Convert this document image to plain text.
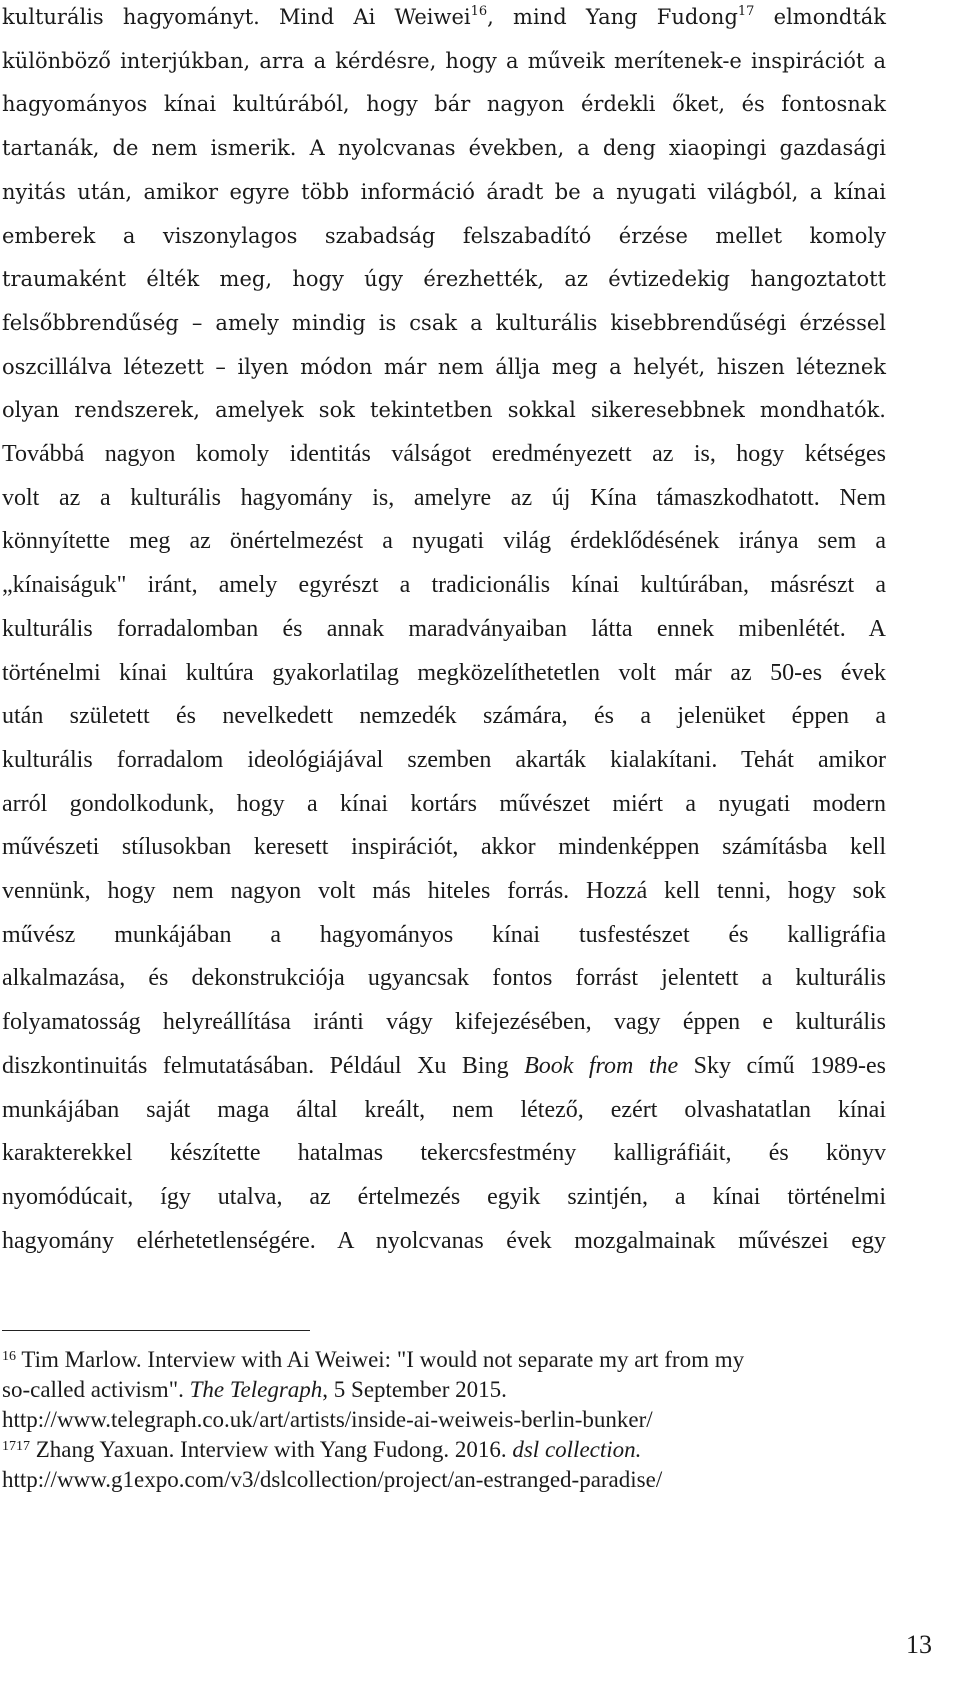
kulturális hagyományt. Mind Ai Weiwei$^{16}$, mind Yang Fudong$^{17}$ elmondták
különböző interjúkban, arra a kérdésre, hogy a műveik merítenek-e inspirációt a
hagyományos kínai kultúrából, hogy bár nagyon érdekli őket, és fontosnak
tartanák, de nem ismerik. A nyolcvanas években, a deng xiaopingi gazdasági
nyitás után, amikor egyre több információ áradt be a nyugati világból, a kínai
emberek a viszonylagos szabadság felszabadító érzése mellet komoly
traumaként élték meg, hogy úgy érezhették, az évtizedekig hangoztatott
felsőbbrendűség – amely mindig is csak a kulturális kisebbrendűségi érzéssel
oszcillálva létezett – ilyen módon már nem állja meg a helyét, hiszen léteznek
olyan rendszerek, amelyek sok tekintetben sokkal sikeresebbnek mondhatók.
Továbbá nagyon komoly identitás válságot eredményezett az is, hogy kétséges
volt az a kulturális hagyomány is, amelyre az új Kína támaszkodhatott. Nem
könnyítette meg az önértelmezést a nyugati világ érdeklődésének iránya sem a
„kínaiságuk" iránt, amely egyrészt a tradicionális kínai kultúrában, másrészt a
kulturális forradalomban és annak maradványaiban látta ennek mibenlétét. A
történelmi kínai kultúra gyakorlatilag megközelíthetetlen volt már az 50-es évek
után született és nevelkedett nemzedék számára, és a jelenüket éppen a
kulturális forradalom ideológiájával szemben akarták kialakítani. Tehát amikor
arról gondolkodunk, hogy a kínai kortárs művészet miért a nyugati modern
művészeti stílusokban keresett inspirációt, akkor mindenképpen számításba kell
vennünk, hogy nem nagyon volt más hiteles forrás. Hozzá kell tenni, hogy sok
művész munkájában a hagyományos kínai tusfestészet és kalligráfia
alkalmazása, és dekonstrukciója ugyancsak fontos forrást jelentett a kulturális
folyamatosság helyreállítása iránti vágy kifejezésében, vagy éppen e kulturális
diszkontinuitás felmutatásában. Például Xu Bing Book from the Sky című 1989-es
munkájában saját maga által kreált, nem létező, ezért olvashatatlan kínai
karakterekkel készítette hatalmas tekercsfestmény kalligráfiáit, és könyv
nyomódúcait, így utalva, az értelmezés egyik szintjén, a kínai történelmi
hagyomány elérhetetlenségére. A nyolcvanas évek mozgalmainak művészei egy
$^{16}$ Tim Marlow. Interview with Ai Weiwei: "I would not separate my art from my
so-called activism". The Telegraph, 5 September 2015.
http://www.telegraph.co.uk/art/artists/inside-ai-weiweis-berlin-bunker/
$^{1717}$ Zhang Yaxuan. Interview with Yang Fudong. 2016. dsl collection.
http://www.g1expo.com/v3/dslcollection/project/an-estranged-paradise/
13
